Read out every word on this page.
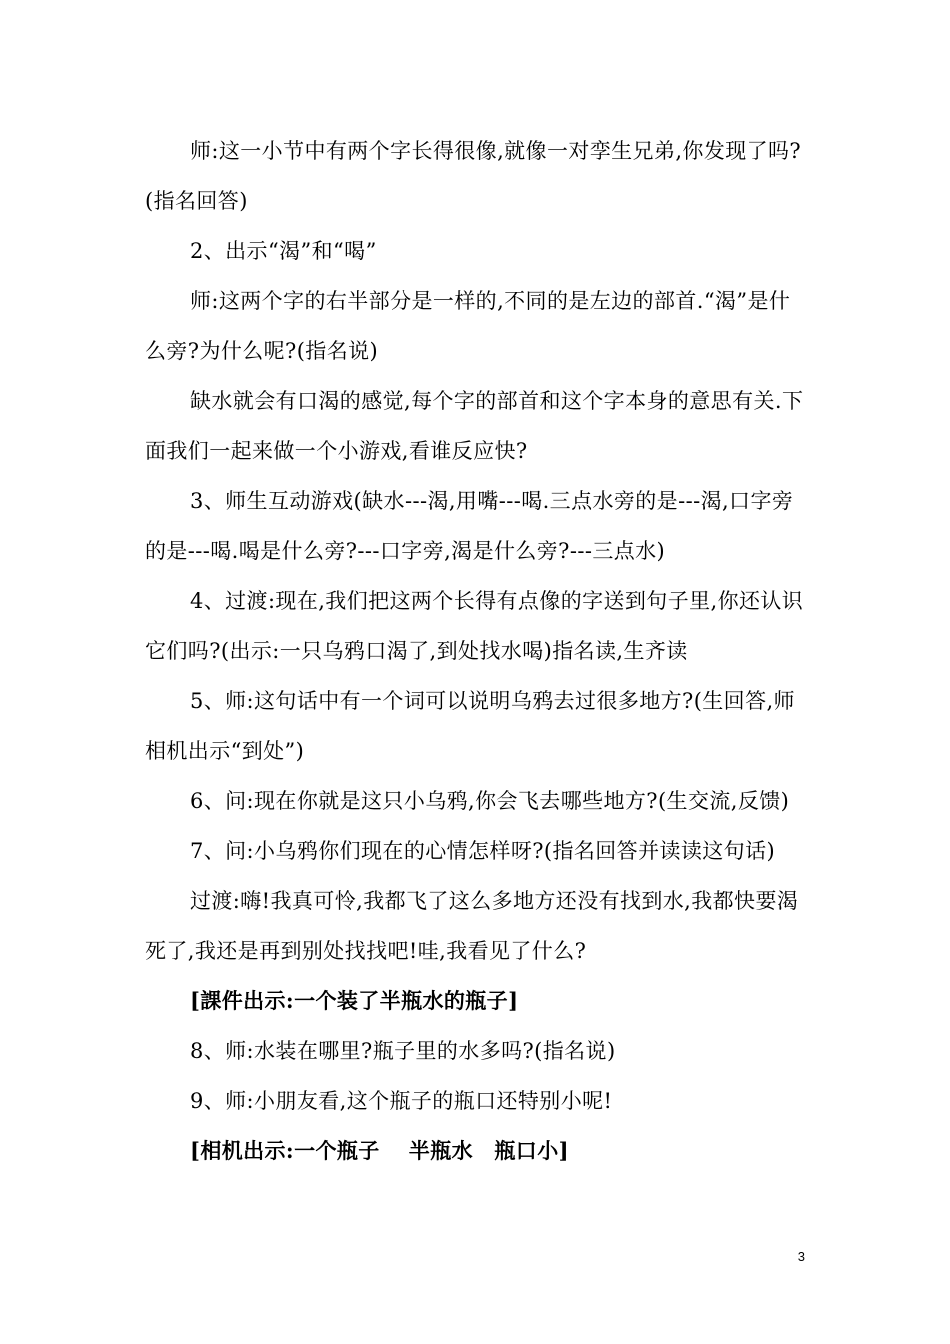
师:这一小节中有两个字长得很像,就像一对孪生兄弟,你发现了吗?(指名回答)

2、出示“渴”和“喝”

师:这两个字的右半部分是一样的,不同的是左边的部首.“渴”是什么旁?为什么呢?(指名说)

缺水就会有口渴的感觉,每个字的部首和这个字本身的意思有关.下面我们一起来做一个小游戏,看谁反应快?

3、师生互动游戏(缺水---渴,用嘴---喝.三点水旁的是---渴,口字旁的是---喝.喝是什么旁?---口字旁,渴是什么旁?---三点水)

4、过渡:现在,我们把这两个长得有点像的字送到句子里,你还认识它们吗?(出示:一只乌鸦口渴了,到处找水喝)指名读,生齐读

5、师:这句话中有一个词可以说明乌鸦去过很多地方?(生回答,师相机出示“到处”)

6、问:现在你就是这只小乌鸦,你会飞去哪些地方?(生交流,反馈)

7、问:小乌鸦你们现在的心情怎样呀?(指名回答并读读这句话)

过渡:嗨!我真可怜,我都飞了这么多地方还没有找到水,我都快要渴死了,我还是再到别处找找吧!哇,我看见了什么?

[課件出示:一个装了半瓶水的瓶子]

8、师:水装在哪里?瓶子里的水多吗?(指名说)

9、师:小朋友看,这个瓶子的瓶口还特别小呢!

[相机出示:一个瓶子　 半瓶水　瓶口小]

3
